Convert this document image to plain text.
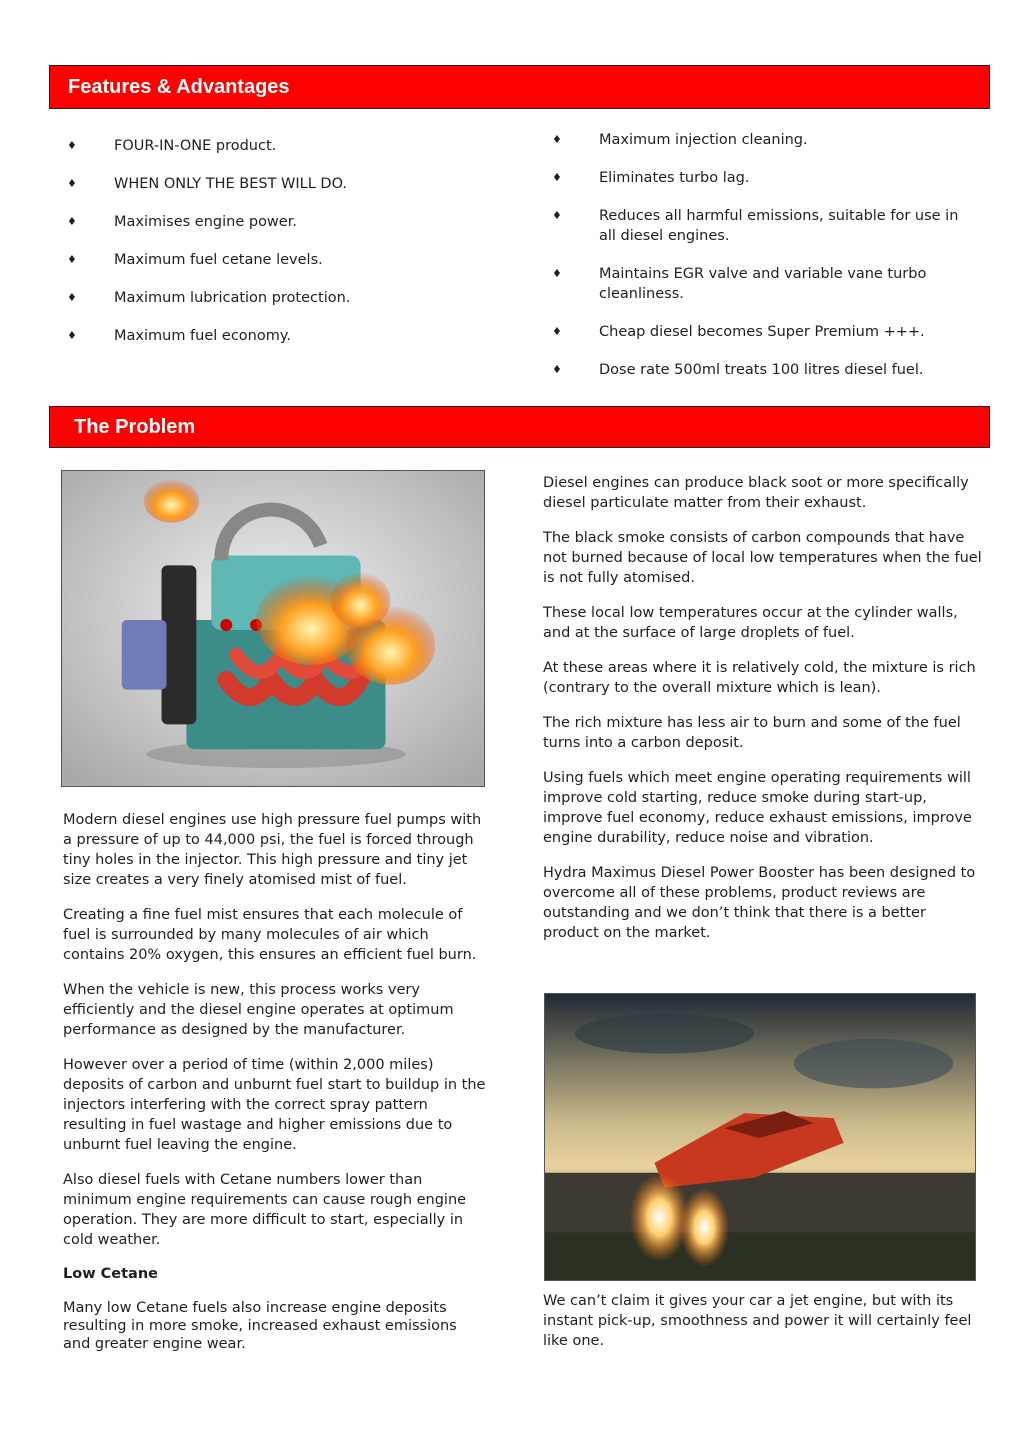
Features & Advantages
♦	FOUR-IN-ONE product.
♦	WHEN ONLY THE BEST WILL DO.
♦	Maximises engine power.
♦	Maximum fuel cetane levels.
♦	Maximum lubrication protection.
♦	Maximum fuel economy.
♦	Maximum injection cleaning.
♦	Eliminates turbo lag.
♦	Reduces all harmful emissions, suitable for use in all diesel engines.
♦	Maintains EGR valve and variable vane turbo cleanliness.
♦	Cheap diesel becomes Super Premium +++.
♦	Dose rate 500ml treats 100 litres diesel fuel.
The Problem

Modern diesel engines use high pressure fuel pumps with a pressure of up to 44,000 psi, the fuel is forced through tiny holes in the injector. This high pressure and tiny jet size creates a very finely atomised mist of fuel.

Creating a fine fuel mist ensures that each molecule of fuel is surrounded by many molecules of air which contains 20% oxygen, this ensures an efficient fuel burn.

When the vehicle is new, this process works very efficiently and the diesel engine operates at optimum performance as designed by the manufacturer.

However over a period of time (within 2,000 miles) deposits of carbon and unburnt fuel start to buildup in the injectors interfering with the correct spray pattern resulting in fuel wastage and higher emissions due to unburnt fuel leaving the engine.

Also diesel fuels with Cetane numbers lower than minimum engine requirements can cause rough engine operation. They are more difficult to start, especially in cold weather.

Low Cetane

Many low Cetane fuels also increase engine deposits resulting in more smoke, increased exhaust emissions and greater engine wear.

Diesel engines can produce black soot or more specifically diesel particulate matter from their exhaust.

The black smoke consists of carbon compounds that have not burned because of local low temperatures when the fuel is not fully atomised.

These local low temperatures occur at the cylinder walls, and at the surface of large droplets of fuel.

At these areas where it is relatively cold, the mixture is rich (contrary to the overall mixture which is lean).

The rich mixture has less air to burn and some of the fuel turns into a carbon deposit.

Using fuels which meet engine operating requirements will improve cold starting, reduce smoke during start-up, improve fuel economy, reduce exhaust emissions, improve engine durability, reduce noise and vibration.

Hydra Maximus Diesel Power Booster has been designed to overcome all of these problems, product reviews are outstanding and we don’t think that there is a better product on the market.

We can’t claim it gives your car a jet engine, but with its instant pick-up, smoothness and power it will certainly feel like one.
